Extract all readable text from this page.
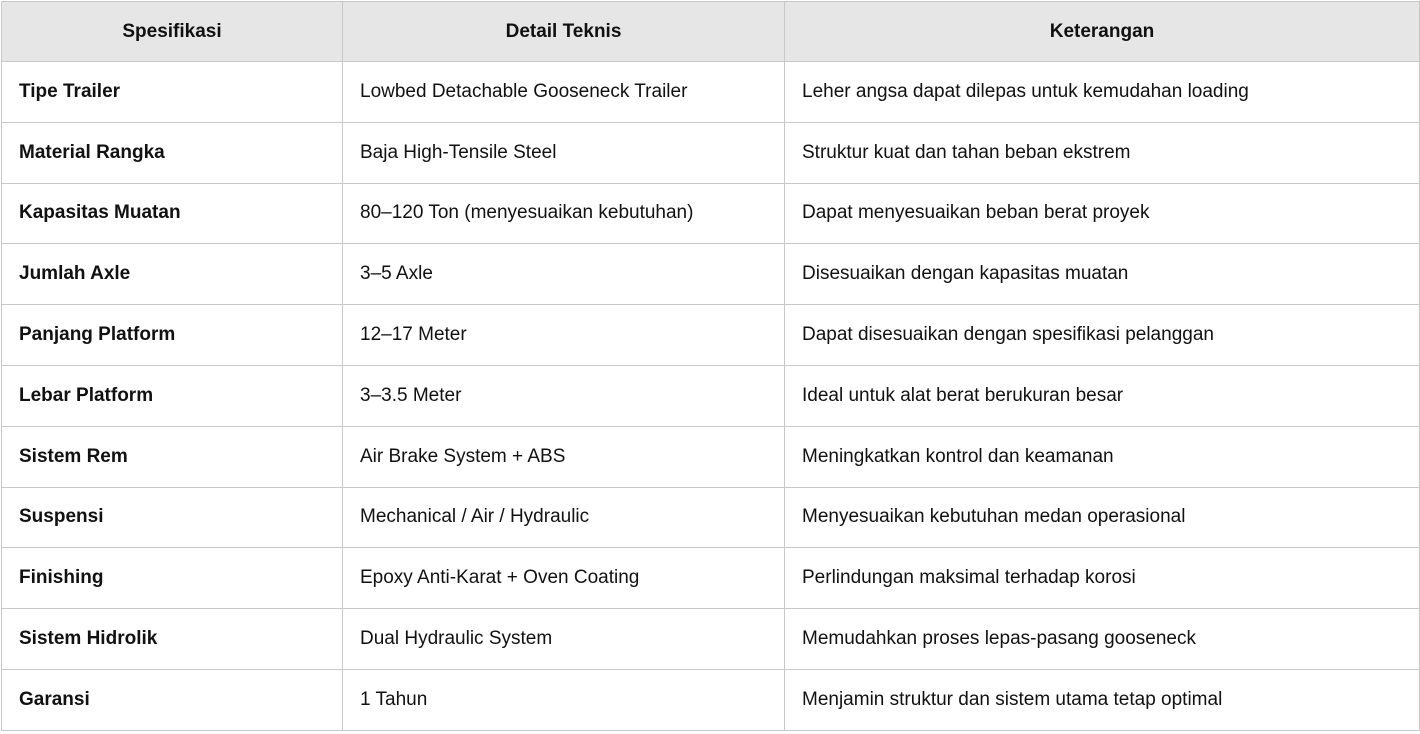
Spesifikasi	Detail Teknis	Keterangan
Tipe Trailer	Lowbed Detachable Gooseneck Trailer	Leher angsa dapat dilepas untuk kemudahan loading
Material Rangka	Baja High-Tensile Steel	Struktur kuat dan tahan beban ekstrem
Kapasitas Muatan	80–120 Ton (menyesuaikan kebutuhan)	Dapat menyesuaikan beban berat proyek
Jumlah Axle	3–5 Axle	Disesuaikan dengan kapasitas muatan
Panjang Platform	12–17 Meter	Dapat disesuaikan dengan spesifikasi pelanggan
Lebar Platform	3–3.5 Meter	Ideal untuk alat berat berukuran besar
Sistem Rem	Air Brake System + ABS	Meningkatkan kontrol dan keamanan
Suspensi	Mechanical / Air / Hydraulic	Menyesuaikan kebutuhan medan operasional
Finishing	Epoxy Anti-Karat + Oven Coating	Perlindungan maksimal terhadap korosi
Sistem Hidrolik	Dual Hydraulic System	Memudahkan proses lepas-pasang gooseneck
Garansi	1 Tahun	Menjamin struktur dan sistem utama tetap optimal
